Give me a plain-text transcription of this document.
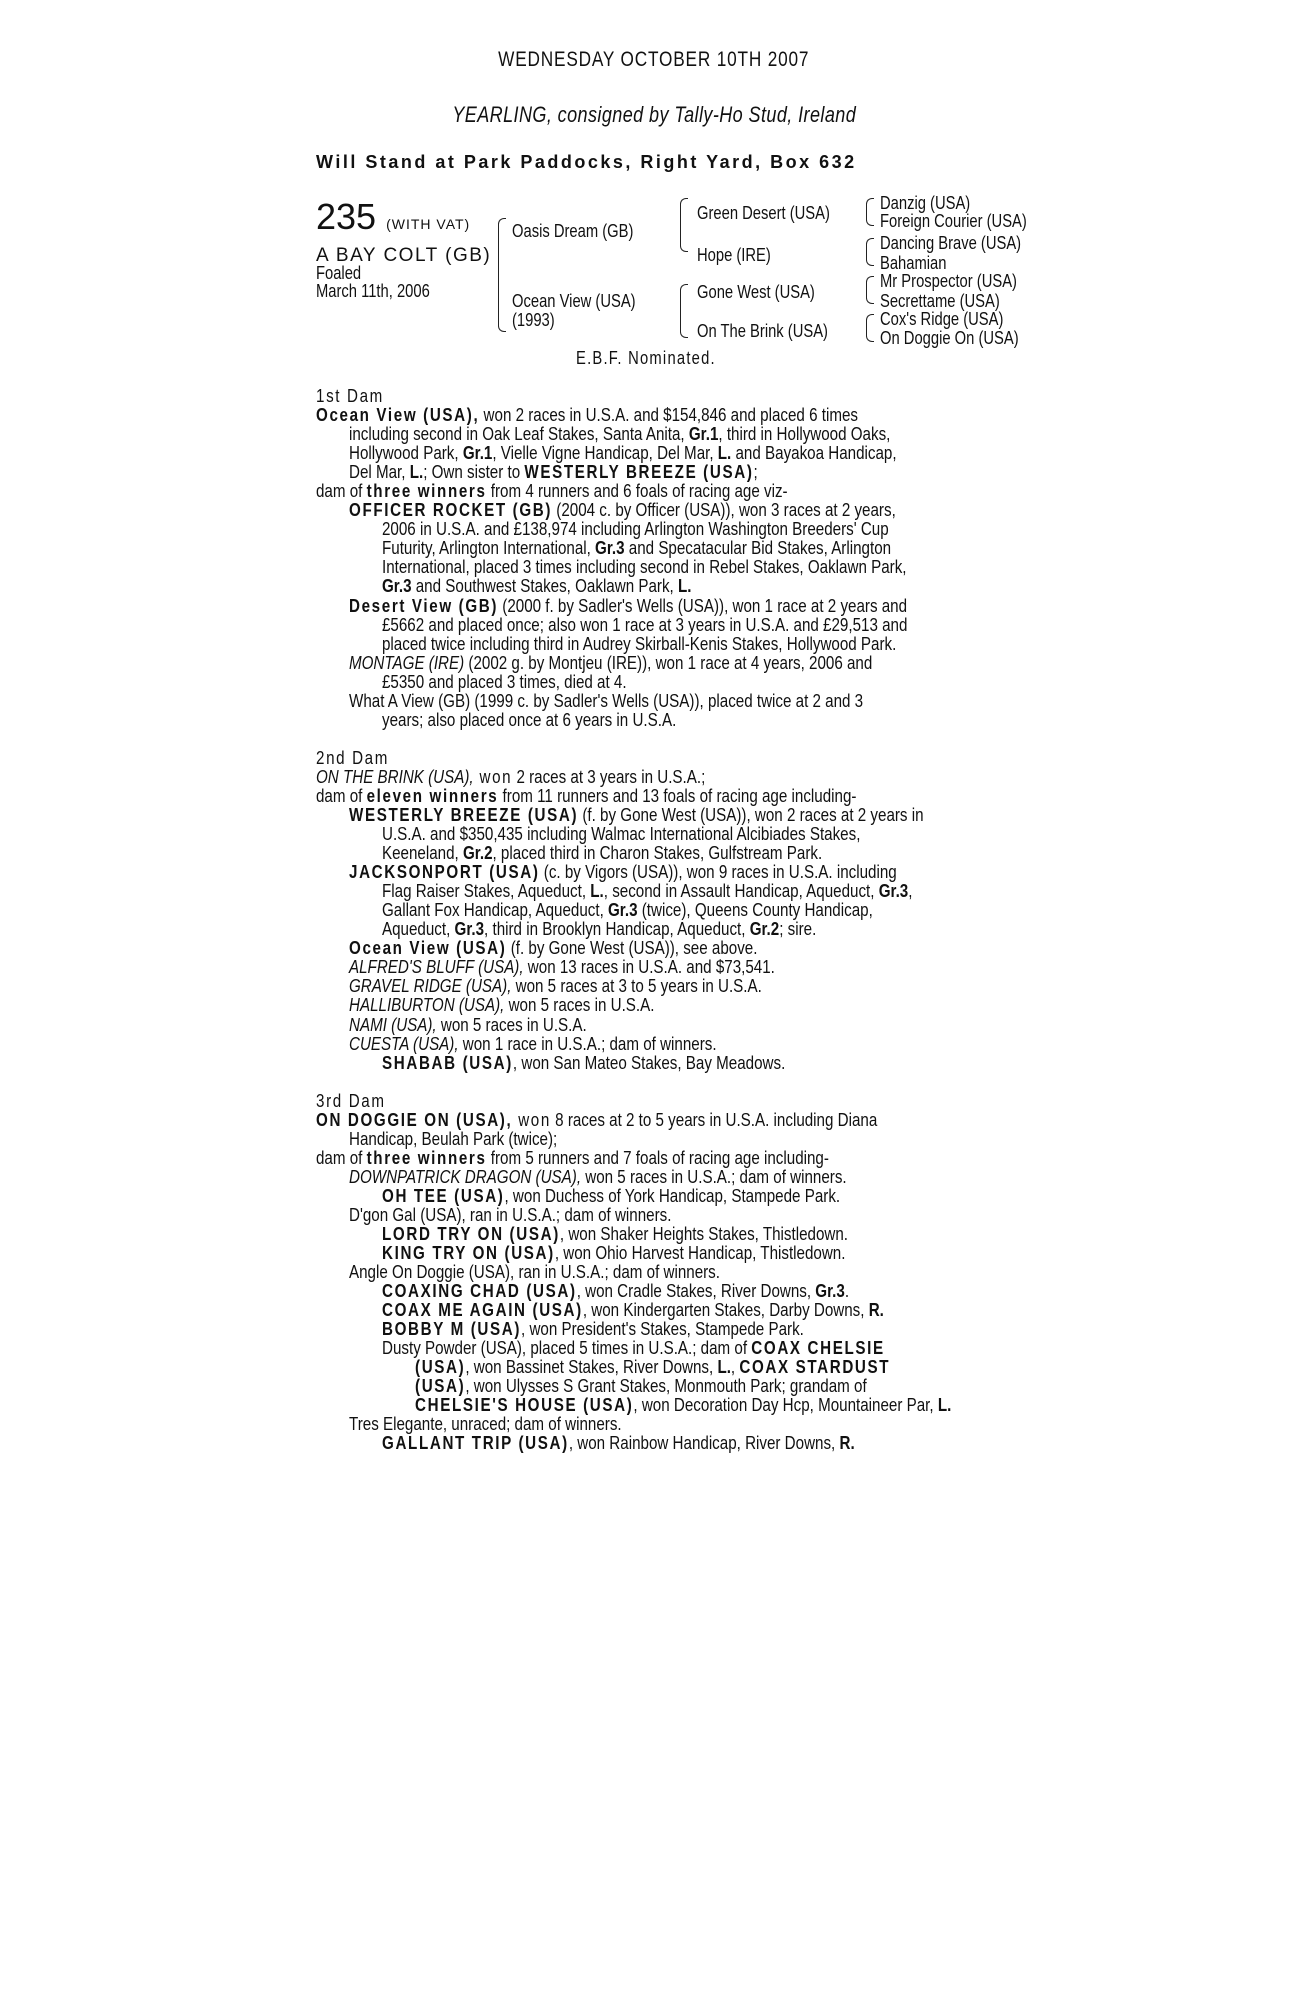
WEDNESDAY OCTOBER 10TH 2007
YEARLING, consigned by Tally-Ho Stud, Ireland
Will Stand at Park Paddocks, Right Yard, Box 632
235 (WITH VAT)
A BAY COLT (GB)
Foaled
March 11th, 2006
Oasis Dream (GB)
Ocean View (USA)
(1993)
Green Desert (USA)
Hope (IRE)
Gone West (USA)
On The Brink (USA)
Danzig (USA)
Foreign Courier (USA)
Dancing Brave (USA)
Bahamian
Mr Prospector (USA)
Secrettame (USA)
Cox's Ridge (USA)
On Doggie On (USA)
E.B.F. Nominated.
1st Dam
Ocean View (USA), won 2 races in U.S.A. and $154,846 and placed 6 times
including second in Oak Leaf Stakes, Santa Anita, Gr.1, third in Hollywood Oaks,
Hollywood Park, Gr.1, Vielle Vigne Handicap, Del Mar, L. and Bayakoa Handicap,
Del Mar, L.; Own sister to WESTERLY BREEZE (USA);
dam of three winners from 4 runners and 6 foals of racing age viz-
OFFICER ROCKET (GB) (2004 c. by Officer (USA)), won 3 races at 2 years,
2006 in U.S.A. and £138,974 including Arlington Washington Breeders' Cup
Futurity, Arlington International, Gr.3 and Specatacular Bid Stakes, Arlington
International, placed 3 times including second in Rebel Stakes, Oaklawn Park,
Gr.3 and Southwest Stakes, Oaklawn Park, L.
Desert View (GB) (2000 f. by Sadler's Wells (USA)), won 1 race at 2 years and
£5662 and placed once; also won 1 race at 3 years in U.S.A. and £29,513 and
placed twice including third in Audrey Skirball-Kenis Stakes, Hollywood Park.
MONTAGE (IRE) (2002 g. by Montjeu (IRE)), won 1 race at 4 years, 2006 and
£5350 and placed 3 times, died at 4.
What A View (GB) (1999 c. by Sadler's Wells (USA)), placed twice at 2 and 3
years; also placed once at 6 years in U.S.A.
2nd Dam
ON THE BRINK (USA), won 2 races at 3 years in U.S.A.;
dam of eleven winners from 11 runners and 13 foals of racing age including-
WESTERLY BREEZE (USA) (f. by Gone West (USA)), won 2 races at 2 years in
U.S.A. and $350,435 including Walmac International Alcibiades Stakes,
Keeneland, Gr.2, placed third in Charon Stakes, Gulfstream Park.
JACKSONPORT (USA) (c. by Vigors (USA)), won 9 races in U.S.A. including
Flag Raiser Stakes, Aqueduct, L., second in Assault Handicap, Aqueduct, Gr.3,
Gallant Fox Handicap, Aqueduct, Gr.3 (twice), Queens County Handicap,
Aqueduct, Gr.3, third in Brooklyn Handicap, Aqueduct, Gr.2; sire.
Ocean View (USA) (f. by Gone West (USA)), see above.
ALFRED'S BLUFF (USA), won 13 races in U.S.A. and $73,541.
GRAVEL RIDGE (USA), won 5 races at 3 to 5 years in U.S.A.
HALLIBURTON (USA), won 5 races in U.S.A.
NAMI (USA), won 5 races in U.S.A.
CUESTA (USA), won 1 race in U.S.A.; dam of winners.
SHABAB (USA), won San Mateo Stakes, Bay Meadows.
3rd Dam
ON DOGGIE ON (USA), won 8 races at 2 to 5 years in U.S.A. including Diana
Handicap, Beulah Park (twice);
dam of three winners from 5 runners and 7 foals of racing age including-
DOWNPATRICK DRAGON (USA), won 5 races in U.S.A.; dam of winners.
OH TEE (USA), won Duchess of York Handicap, Stampede Park.
D'gon Gal (USA), ran in U.S.A.; dam of winners.
LORD TRY ON (USA), won Shaker Heights Stakes, Thistledown.
KING TRY ON (USA), won Ohio Harvest Handicap, Thistledown.
Angle On Doggie (USA), ran in U.S.A.; dam of winners.
COAXING CHAD (USA), won Cradle Stakes, River Downs, Gr.3.
COAX ME AGAIN (USA), won Kindergarten Stakes, Darby Downs, R.
BOBBY M (USA), won President's Stakes, Stampede Park.
Dusty Powder (USA), placed 5 times in U.S.A.; dam of COAX CHELSIE
(USA), won Bassinet Stakes, River Downs, L., COAX STARDUST
(USA), won Ulysses S Grant Stakes, Monmouth Park; grandam of
CHELSIE'S HOUSE (USA), won Decoration Day Hcp, Mountaineer Par, L.
Tres Elegante, unraced; dam of winners.
GALLANT TRIP (USA), won Rainbow Handicap, River Downs, R.
